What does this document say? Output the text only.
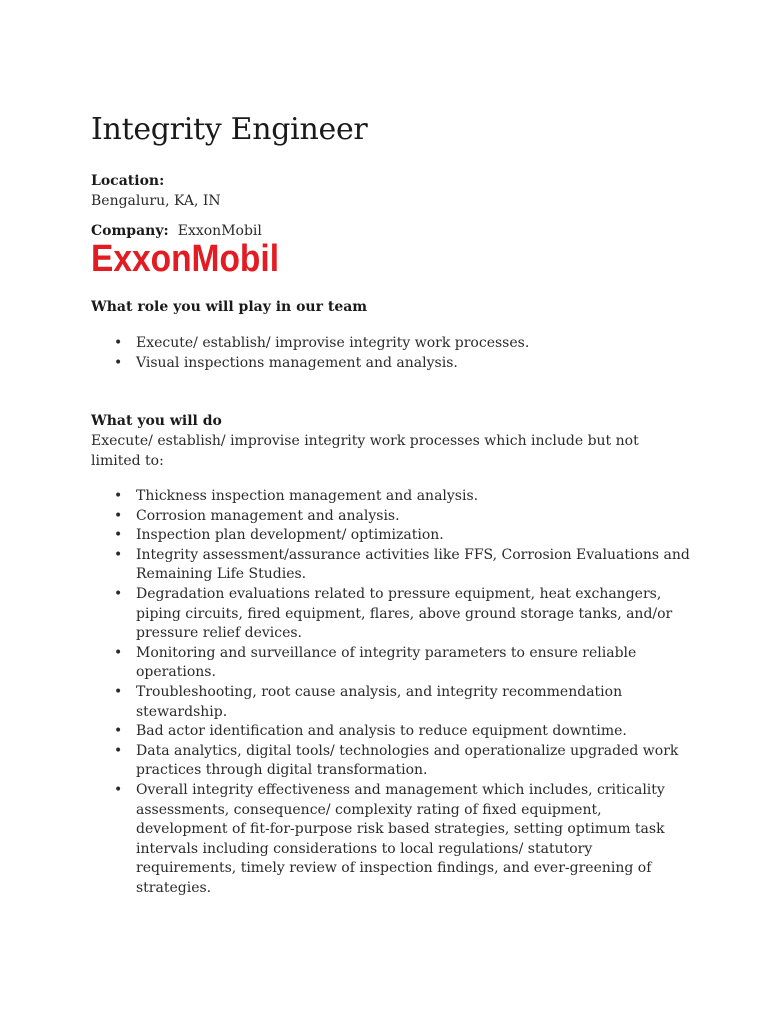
Integrity Engineer
Location:
Bengaluru, KA, IN
Company: ExxonMobil
ExxonMobil
What role you will play in our team
• Execute/ establish/ improvise integrity work processes.
• Visual inspections management and analysis.
What you will do
Execute/ establish/ improvise integrity work processes which include but not limited to:
• Thickness inspection management and analysis.
• Corrosion management and analysis.
• Inspection plan development/ optimization.
• Integrity assessment/assurance activities like FFS, Corrosion Evaluations and Remaining Life Studies.
• Degradation evaluations related to pressure equipment, heat exchangers, piping circuits, fired equipment, flares, above ground storage tanks, and/or pressure relief devices.
• Monitoring and surveillance of integrity parameters to ensure reliable operations.
• Troubleshooting, root cause analysis, and integrity recommendation stewardship.
• Bad actor identification and analysis to reduce equipment downtime.
• Data analytics, digital tools/ technologies and operationalize upgraded work practices through digital transformation.
• Overall integrity effectiveness and management which includes, criticality assessments, consequence/ complexity rating of fixed equipment, development of fit-for-purpose risk based strategies, setting optimum task intervals including considerations to local regulations/ statutory requirements, timely review of inspection findings, and ever-greening of strategies.
